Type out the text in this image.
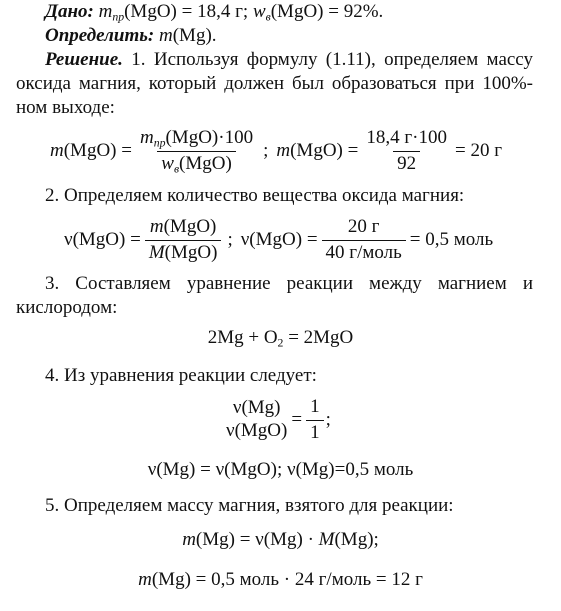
Дано: $m_{пр}(MgO) = 18,4$ г; $w_в(MgO) = 92\%$.
Определить: m(Mg).
Решение. 1. Используя формулу (1.11), определяем массу
оксида магния, который должен был образоваться при 100%-
ном выходе:
$m(MgO) = \frac{m_{пр}(MgO)\cdot 100}{w_в(MgO)}$ ; $m(MgO) = \frac{18,4 г\cdot 100}{92} = 20$ г
2. Определяем количество вещества оксида магния:
$\nu(MgO) = \frac{\text{m(MgO)}}{\text{M(MgO)}}$ ; $\nu(MgO) = \frac{20 г}{\text{40 г/моль}} = 0,5$ моль
3. Составляем уравнение реакции между магнием и
кислородом:
$2Mg + O_2 = 2MgO$
4. Из уравнения реакции следует:
ν(Mg)
ν(MgO)
= $\frac{1}{1}$ ;
ν(Mg) = ν(MgO); ν(Mg)=0,5 моль
5. Определяем массу магния, взятого для реакции:
m(Mg) = ν(Mg) · M(Mg);
m(Mg) = 0,5 моль · 24 г/моль = 12 г
